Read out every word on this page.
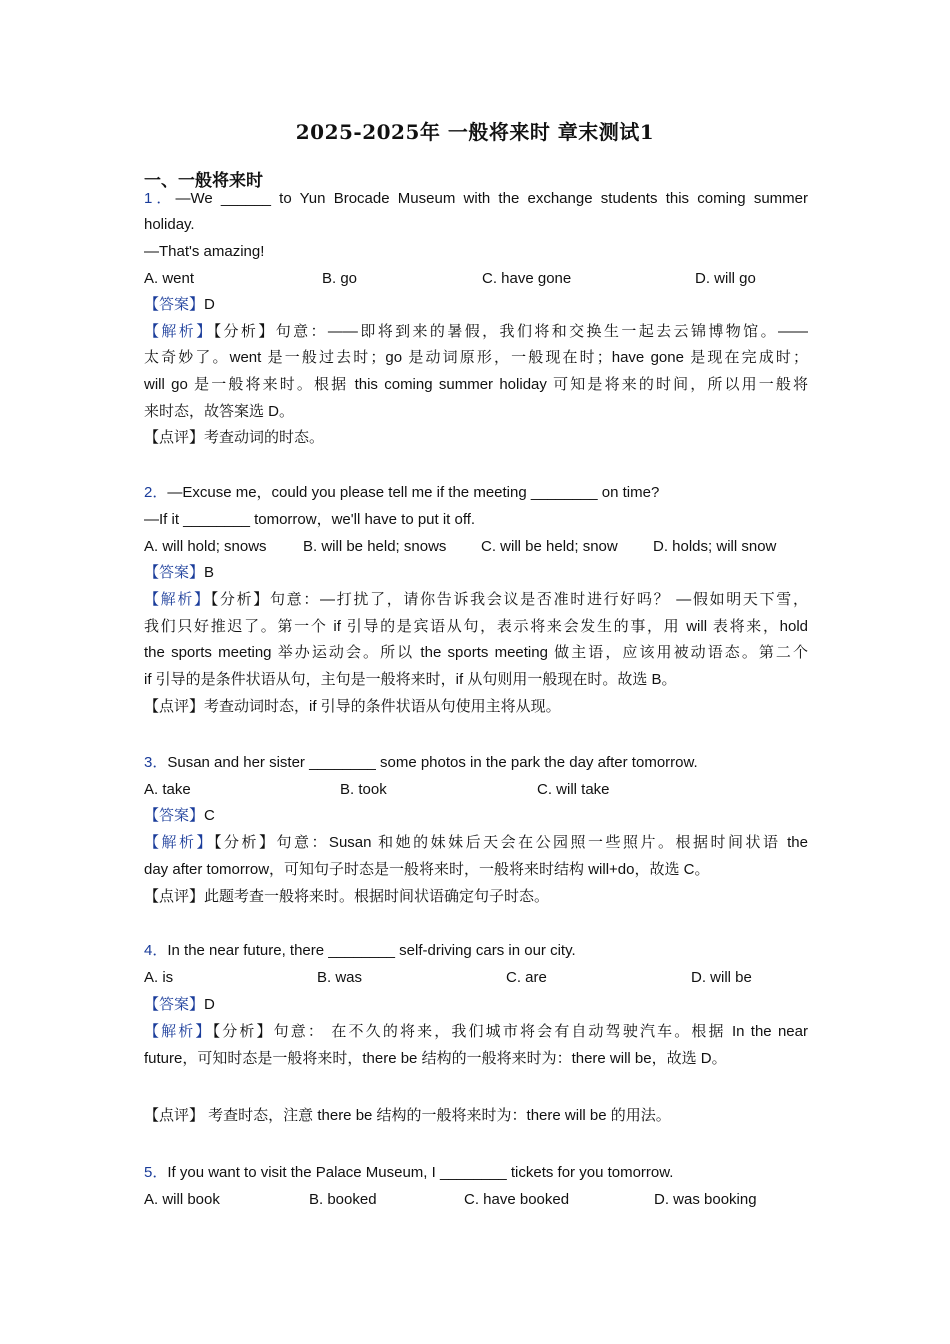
2025-2025年 一般将来时 章末测试1
一、一般将来时
1．—We ______ to Yun Brocade Museum with the exchange students this coming summer
holiday.
—That's amazing!
A. went	B. go	C. have gone	D. will go
【答案】D
【解析】【分析】句意：——即将到来的暑假，我们将和交换生一起去云锦博物馆。——
太奇妙了。went 是一般过去时；go 是动词原形，一般现在时；have gone 是现在完成时；
will go 是一般将来时。根据 this coming summer holiday 可知是将来的时间，所以用一般将
来时态，故答案选 D。
【点评】考查动词的时态。
2．—Excuse me，could you please tell me if the meeting ________ on time?
—If it ________ tomorrow，we'll have to put it off.
A. will hold; snows B. will be held; snows C. will be held; snow D. holds; will snow
【答案】B
【解析】【分析】句意：—打扰了，请你告诉我会议是否准时进行好吗？ —假如明天下雪，
我们只好推迟了。第一个 if 引导的是宾语从句，表示将来会发生的事，用 will 表将来，hold
the sports meeting 举办运动会。所以 the sports meeting 做主语，应该用被动语态。第二个
if 引导的是条件状语从句，主句是一般将来时，if 从句则用一般现在时。故选 B。
【点评】考查动词时态，if 引导的条件状语从句使用主将从现。
3．Susan and her sister ________ some photos in the park the day after tomorrow.
A. take	B. took	C. will take
【答案】C
【解析】【分析】句意：Susan 和她的妹妹后天会在公园照一些照片。根据时间状语 the
day after tomorrow，可知句子时态是一般将来时，一般将来时结构 will+do，故选 C。
【点评】此题考查一般将来时。根据时间状语确定句子时态。
4．In the near future, there ________ self-driving cars in our city.
A. is	B. was	C. are	D. will be
【答案】D
【解析】【分析】句意： 在不久的将来，我们城市将会有自动驾驶汽车。根据 In the near
future，可知时态是一般将来时，there be 结构的一般将来时为：there will be，故选 D。
【点评】 考查时态，注意 there be 结构的一般将来时为：there will be 的用法。
5．If you want to visit the Palace Museum, I ________ tickets for you tomorrow.
A. will book	B. booked	C. have booked	D. was booking
